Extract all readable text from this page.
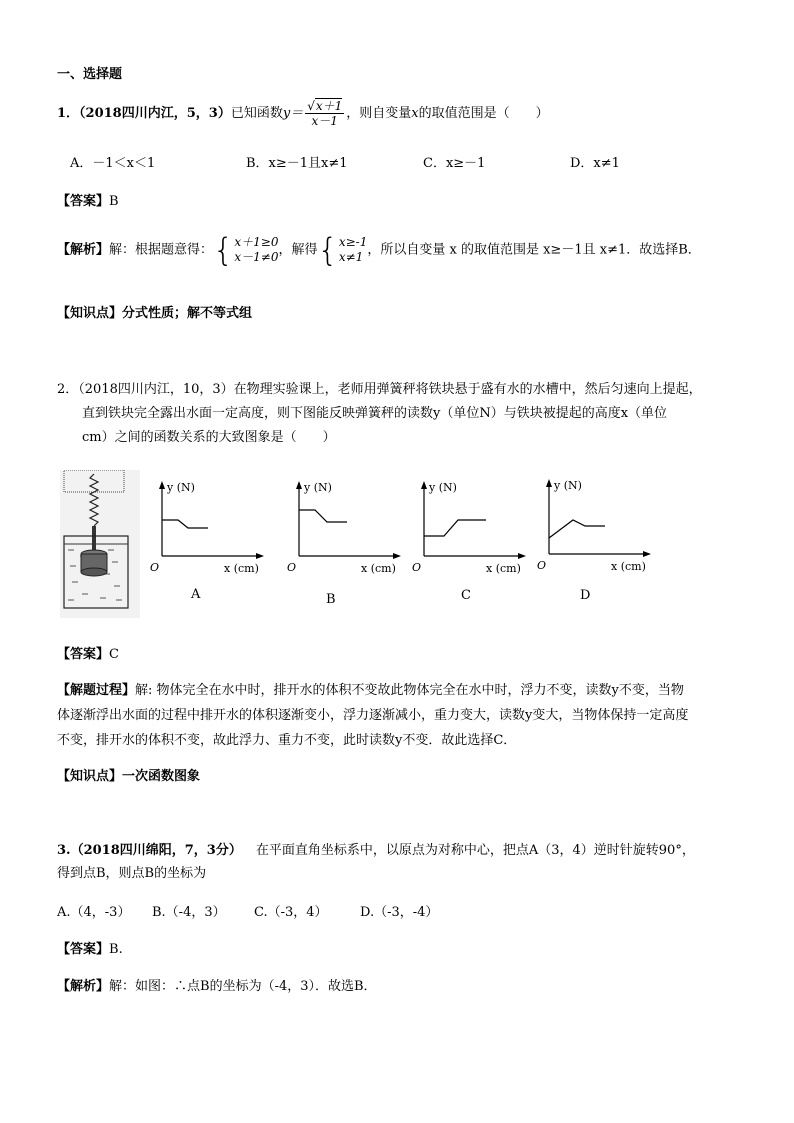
一、选择题
1．（2018四川内江，5，3）已知函数$y= \frac{√x+1}{x-1}$ ，则自变量x的取值范围是（　　）
A．－1＜x＜1	B．x≥－1且x≠1	C．x≥－1	D．x≠1
【答案】B
【解析】解：根据题意得：{ x＋1≥0
x－1≠0 ，解得{ x≥-1
x≠1 ，所以自变量 x 的取值范围是 x≥－1且 x≠1．故选择B．
【知识点】分式性质；解不等式组
2．（2018四川内江，10，3）在物理实验课上，老师用弹簧秤将铁块悬于盛有水的水槽中，然后匀速向上提起，
直到铁块完全露出水面一定高度，则下图能反映弹簧秤的读数y（单位N）与铁块被提起的高度x（单位
cm）之间的函数关系的大致图象是（　　）
y (N)
O	x (cm)
A
y (N)
O	x (cm)
B
y (N)
O	x (cm)
C
y (N)
O	x (cm)
D
【答案】C
【解题过程】解: 物体完全在水中时，排开水的体积不变故此物体完全在水中时，浮力不变，读数y不变，当物
体逐渐浮出水面的过程中排开水的体积逐渐变小，浮力逐渐减小，重力变大，读数y变大，当物体保持一定高度
不变，排开水的体积不变，故此浮力、重力不变，此时读数y不变．故此选择C．
【知识点】一次函数图象
3.（2018四川绵阳，7，3分） 在平面直角坐标系中，以原点为对称中心，把点A（3，4）逆时针旋转90°，
得到点B，则点B的坐标为
A.（4，-3） B.（-4，3） C.（-3，4） D.（-3，-4）
【答案】B.
【解析】解：如图：∴点B的坐标为（-4，3）．故选B．
